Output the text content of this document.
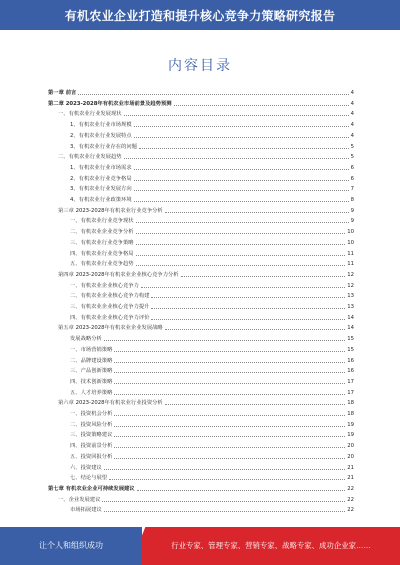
有机农业企业打造和提升核心竞争力策略研究报告
内容目录
第一章 前言	4
第二章 2023-2028年有机农业市场前景及趋势预测	4
一、有机农业行业发展现状	4
1、有机农业行业市场规模	4
2、有机农业行业发展特点	4
3、有机农业行业存在的问题	5
二、有机农业行业发展趋势	5
1、有机农业行业市场需求	6
2、有机农业行业竞争格局	6
3、有机农业行业发展方向	7
4、有机农业行业政策环境	8
第三章 2023-2028年有机农业行业竞争分析	9
一、有机农业行业竞争现状	9
二、有机农业企业竞争分析	10
三、有机农业行业竞争策略	10
四、有机农业行业竞争格局	11
五、有机农业行业竞争趋势	11
第四章 2023-2028年有机农业企业核心竞争力分析	12
一、有机农业企业核心竞争力	12
二、有机农业企业核心竞争力构建	13
三、有机农业企业核心竞争力提升	13
四、有机农业企业核心竞争力评价	14
第五章 2023-2028年有机农业企业发展战略	14
发展战略分析	15
一、市场营销策略	15
二、品牌建设策略	16
三、产品创新策略	16
四、技术创新策略	17
五、人才培养策略	17
第六章 2023-2028年有机农业行业投资分析	18
一、投资机会分析	18
二、投资风险分析	19
三、投资策略建议	19
四、投资前景分析	20
五、投资回报分析	20
六、投资建议	21
七、结论与展望	21
第七章 有机农业企业可持续发展建议	22
一、企业发展建议	22
市场拓展建议	22
让个人和组织成功	行业专家、管理专家、营销专家、战略专家、成功企业家……
